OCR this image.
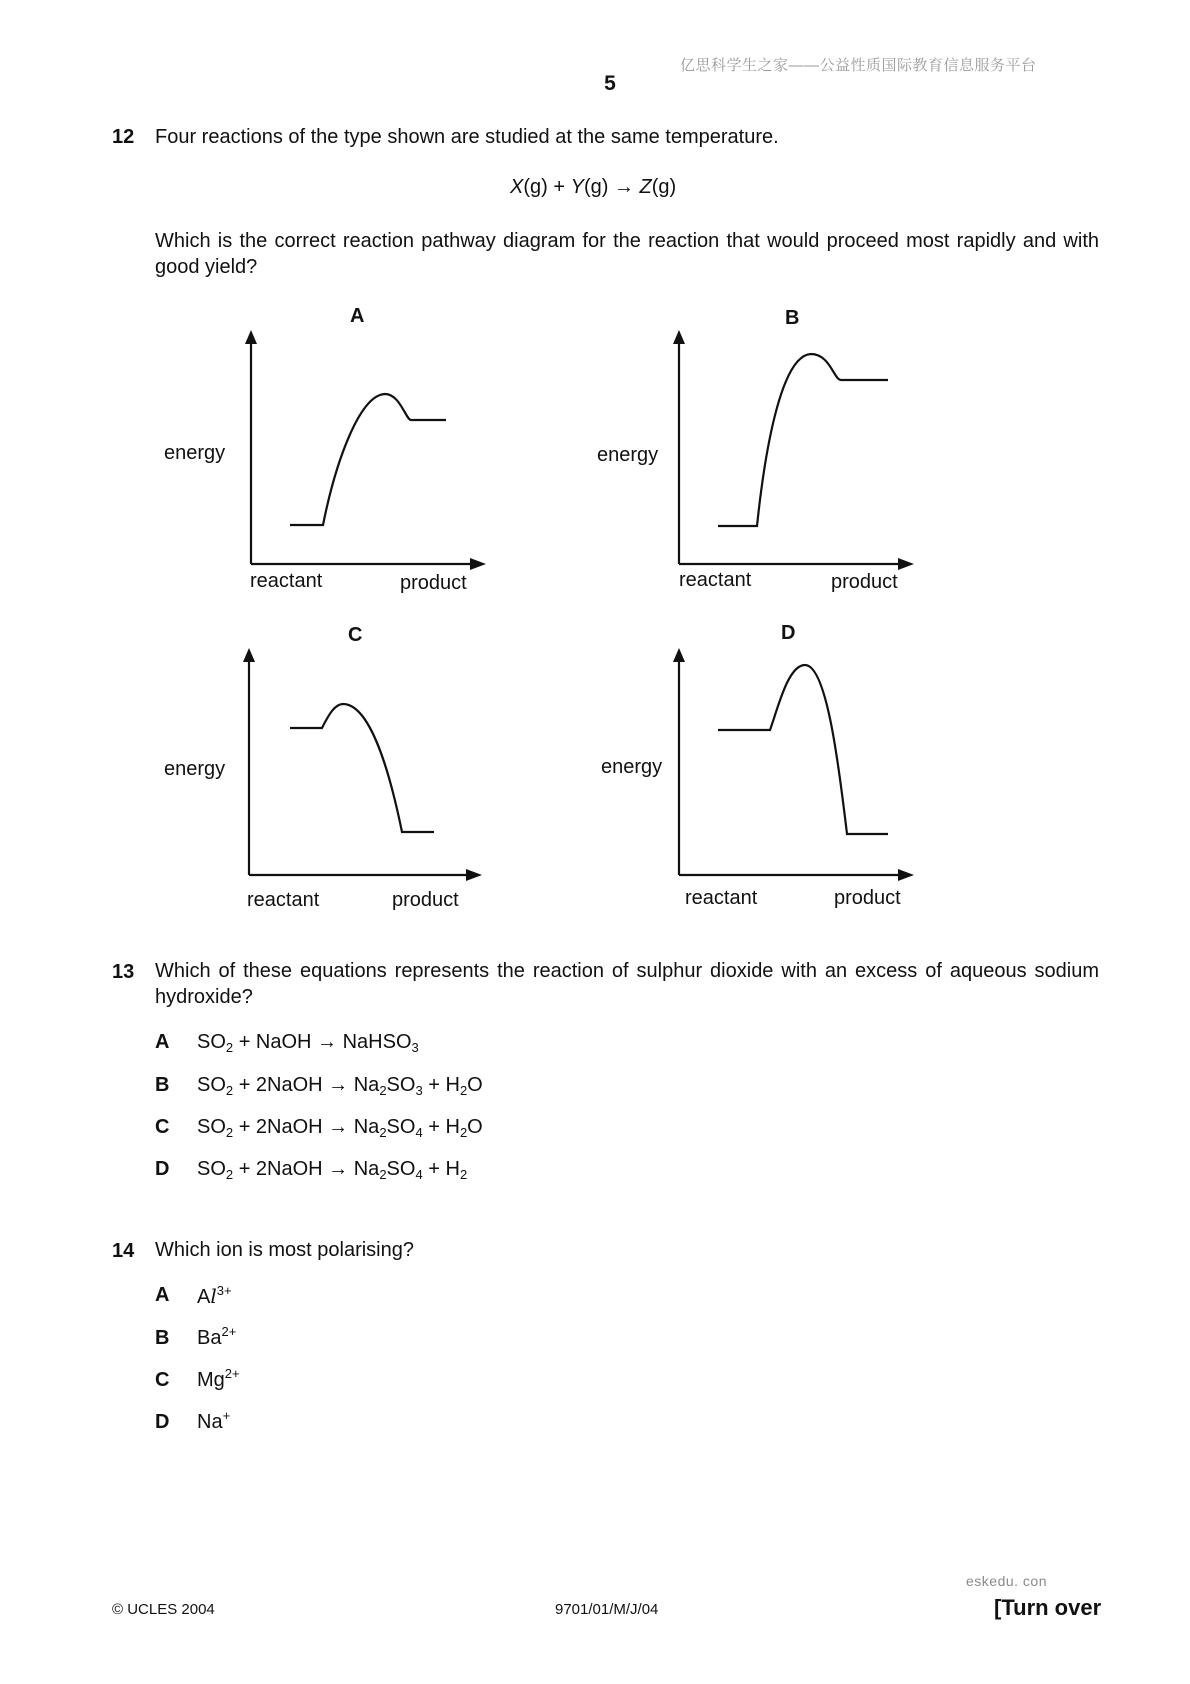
亿思科学生之家——公益性质国际教育信息服务平台
5
12 Four reactions of the type shown are studied at the same temperature.
X(g) + Y(g) → Z(g)
Which is the correct reaction pathway diagram for the reaction that would proceed most rapidly and with good yield?
A
energy
reactant	product
B
energy
reactant	product
C
energy
reactant	product
D
energy
reactant	product
13 Which of these equations represents the reaction of sulphur dioxide with an excess of aqueous sodium hydroxide?
A $SO_2$ + NaOH → NaHSO$_3$
B $SO_2$ + 2NaOH → $Na_2SO_3 + H_2O$
C $SO_2$ + 2NaOH → $Na_2SO_4 + H_2O$
D $SO_2$ + 2NaOH → $Na_2SO_4 + H_2$
14 Which ion is most polarising?
A $Al^{3+}$
B $Ba^{2+}$
C $Mg^{2+}$
D Na+
eskedu. con
© UCLES 2004	9701/01/M/J/04	[Turn over
